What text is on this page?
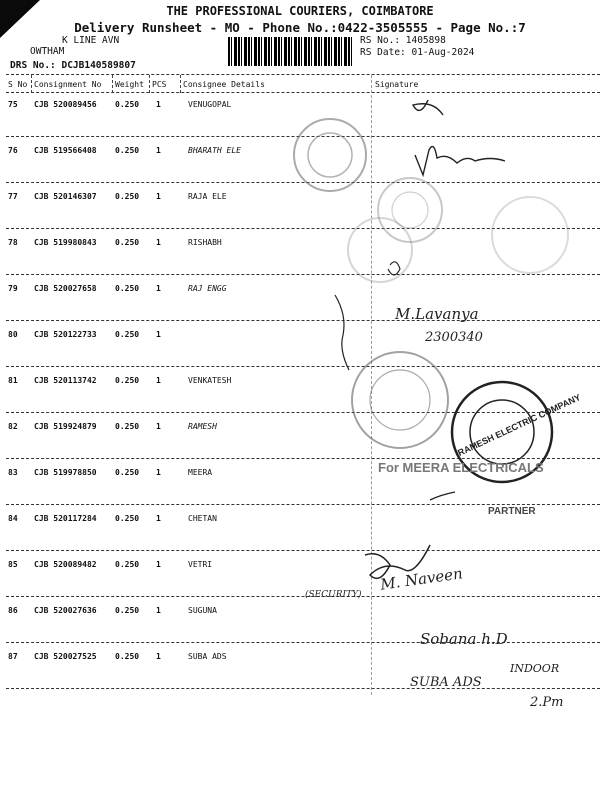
THE PROFESSIONAL COURIERS, COIMBATORE
Delivery Runsheet - MO - Phone No.:0422-3505555 - Page No.:7
K LINE AVN
OWTHAM
DRS No.: DCJB140589807
RS No.: 1405898
RS Date: 01-Aug-2024
S No Consignment No Weight PCS Consignee Details	Signature
75 CJB 520089456 0.250 1	VENUGOPAL
76 CJB 519566408 0.250 1	BHARATH ELE
77 CJB 520146307 0.250 1	RAJA ELE
78 CJB 519980843 0.250 1	RISHABH
79 CJB 520027658 0.250 1	RAJ ENGG
80 CJB 520122733 0.250 1
81 CJB 520113742 0.250 1	VENKATESH
82 CJB 519924879 0.250 1	RAMESH
83 CJB 519978850 0.250 1	MEERA
84 CJB 520117284 0.250 1	CHETAN
85 CJB 520089482 0.250 1	VETRI
86 CJB 520027636 0.250 1	SUGUNA
87 CJB 520027525 0.250 1	SUBA ADS
For MEERA ELECTRICALS
PARTNER
RAMESH ELECTRIC COMPANY
M.Lavanya
2300340
M. Naveen
(SECURITY)
Sobana h.D
SUBA ADS
INDOOR
2.Pm
